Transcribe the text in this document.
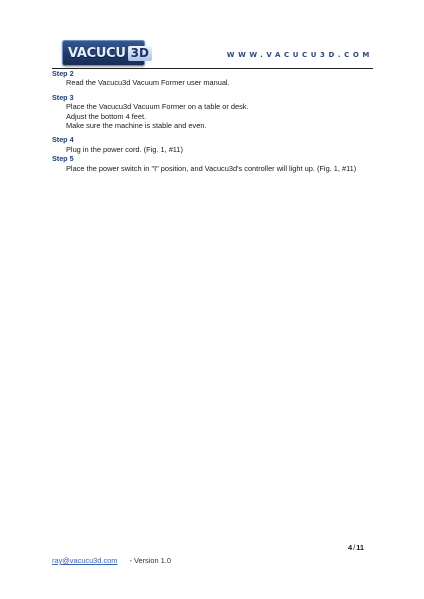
VACUCU 3D	WWW.VACUCU3D.COM
Step 2
Read the Vacucu3d Vacuum Former user manual.
Step 3
Place the Vacucu3d Vacuum Former on a table or desk.
Adjust the bottom 4 feet.
Make sure the machine is stable and even.
Step 4
Plug in the power cord. (Fig. 1, #11)
Step 5
Place the power switch in "I" position, and Vacucu3d's controller will light up. (Fig. 1, #11)
4/11
ray@vacucu3d.com - Version 1.0
